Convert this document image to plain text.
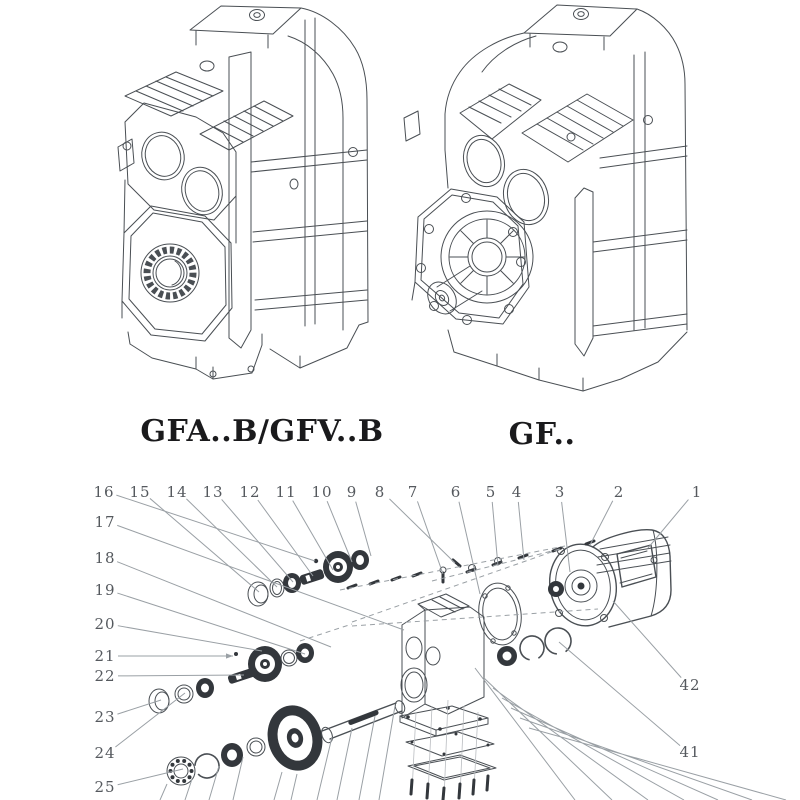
GFA..B/GFV..B	GF..
1
2
3
4
5
6
7
8
9
10
11
12
13
14
15
16
17
18
19
20
21
22
23
24
25
41
42
